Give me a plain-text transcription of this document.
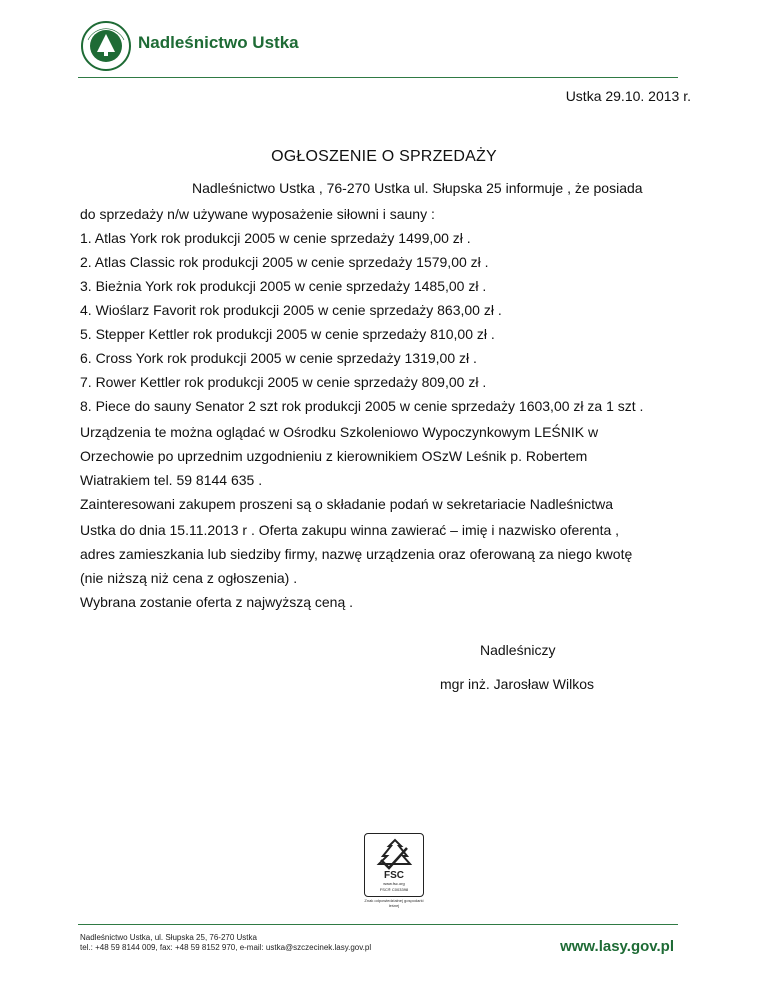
Nadleśnictwo Ustka
Ustka 29.10. 2013 r.
OGŁOSZENIE O SPRZEDAŻY
Nadleśnictwo Ustka , 76-270 Ustka ul. Słupska 25 informuje , że posiada
do sprzedaży n/w używane wyposażenie siłowni i sauny :
1. Atlas York rok produkcji 2005 w cenie sprzedaży 1499,00 zł .
2. Atlas Classic rok produkcji 2005 w cenie sprzedaży 1579,00 zł .
3. Bieżnia York rok produkcji 2005 w cenie sprzedaży 1485,00 zł .
4. Wioślarz Favorit rok produkcji 2005 w cenie sprzedaży 863,00 zł .
5. Stepper Kettler rok produkcji 2005 w cenie sprzedaży 810,00 zł .
6. Cross York rok produkcji 2005 w cenie sprzedaży 1319,00 zł .
7. Rower Kettler rok produkcji 2005 w cenie sprzedaży 809,00 zł .
8. Piece do sauny Senator 2 szt rok produkcji 2005 w cenie sprzedaży 1603,00 zł za 1 szt .
Urządzenia te można oglądać w Ośrodku Szkoleniowo Wypoczynkowym LEŚNIK w
Orzechowie po uprzednim uzgodnieniu z kierownikiem OSzW Leśnik p. Robertem
Wiatrakiem tel. 59 8144 635 .
Zainteresowani zakupem proszeni są o składanie podań w sekretariacie Nadleśnictwa
Ustka do dnia 15.11.2013 r . Oferta zakupu winna zawierać – imię i nazwisko oferenta ,
adres zamieszkania lub siedziby firmy, nazwę urządzenia oraz oferowaną za niego kwotę
(nie niższą niż cena z ogłoszenia) .
Wybrana zostanie oferta z najwyższą ceną .
Nadleśniczy
mgr inż. Jarosław Wilkos
FSC
www.fsc.org
FSC® C003398
Znak odpowiedzialnej gospodarki leśnej
Nadleśnictwo Ustka, ul. Słupska 25, 76-270 Ustka
tel.: +48 59 8144 009, fax: +48 59 8152 970, e-mail: ustka@szczecinek.lasy.gov.pl	www.lasy.gov.pl
